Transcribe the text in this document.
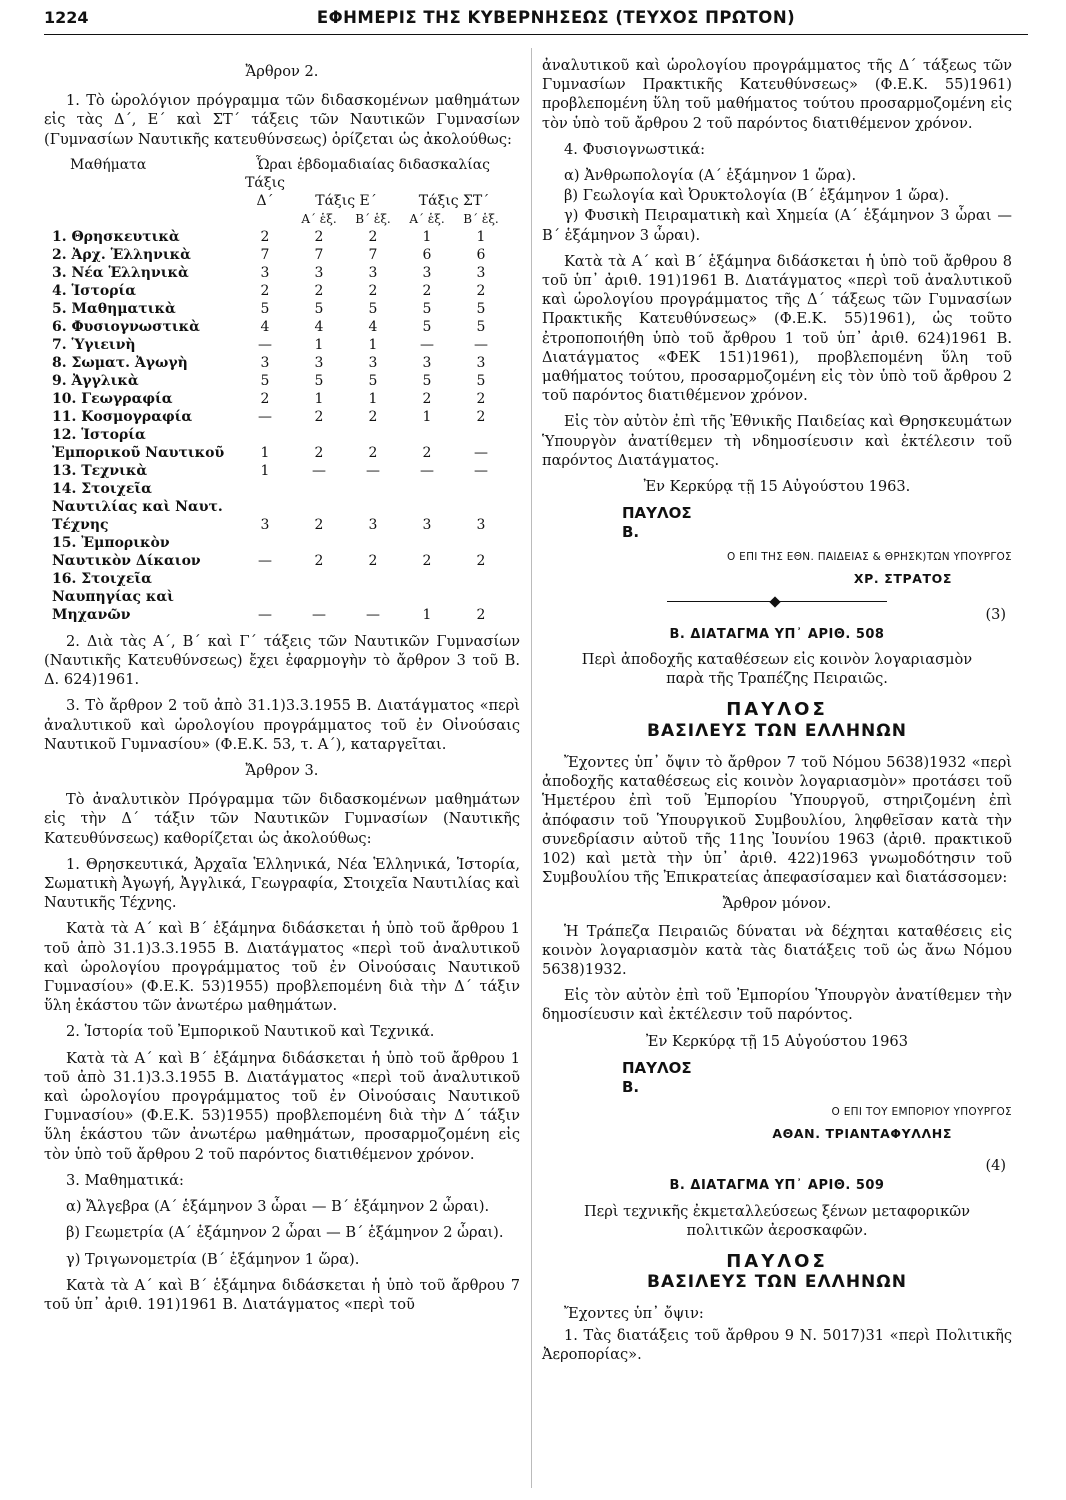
1224	ΕΦΗΜΕΡΙΣ ΤΗΣ ΚΥΒΕΡΝΗΣΕΩΣ (ΤΕΥΧΟΣ ΠΡΩΤΟΝ)
Ἄρθρον 2.

1. Τὸ ὡρολόγιον πρόγραμμα τῶν διδασκομένων μαθημάτων εἰς τὰς Δ΄, Ε΄ καὶ ΣΤ΄ τάξεις τῶν Ναυτικῶν Γυμνασίων (Γυμνασίων Ναυτικῆς κατευθύνσεως) ὁρίζεται ὡς ἀκολούθως:

Μαθήματα	Ὧραι ἑβδομαδιαίας διδασκαλίας				
	Τάξις Δ΄	Τάξις Ε΄		Τάξις ΣΤ΄	
		Α΄ ἑξ.	Β΄ ἑξ.	Α΄ ἑξ.	Β΄ ἑξ.
1. Θρησκευτικὰ	2	2	2	1	1
2. Ἀρχ. Ἑλληνικὰ	7	7	7	6	6
3. Νέα Ἑλληνικὰ	3	3	3	3	3
4. Ἱστορία	2	2	2	2	2
5. Μαθηματικὰ	5	5	5	5	5
6. Φυσιογνωστικὰ	4	4	4	5	5
7. Ὑγιεινὴ	—	1	1	—	—
8. Σωματ. Ἀγωγὴ	3	3	3	3	3
9. Ἀγγλικὰ	5	5	5	5	5
10. Γεωγραφία	2	1	1	2	2
11. Κοσμογραφία	—	2	2	1	2
12. Ἱστορία Ἐμπορικοῦ Ναυτικοῦ	1	2	2	2	—
13. Τεχνικὰ	1	—	—	—	—
14. Στοιχεῖα Ναυτιλίας καὶ Ναυτ. Τέχνης	3	2	3	3	3
15. Ἐμπορικὸν Ναυτικὸν Δίκαιον	—	2	2	2	2
16. Στοιχεῖα Ναυπηγίας καὶ Μηχανῶν	—	—	—	1	2

2. Διὰ τὰς Α΄, Β΄ καὶ Γ΄ τάξεις τῶν Ναυτικῶν Γυμνασίων (Ναυτικῆς Κατευθύνσεως) ἔχει ἐφαρμογὴν τὸ ἄρθρον 3 τοῦ Β. Δ. 624)1961.

3. Τὸ ἄρθρον 2 τοῦ ἀπὸ 31.1)3.3.1955 Β. Διατάγματος «περὶ ἀναλυτικοῦ καὶ ὡρολογίου προγράμματος τοῦ ἐν Οἰνούσαις Ναυτικοῦ Γυμνασίου» (Φ.Ε.Κ. 53, τ. Α΄), καταργεῖται.

Ἄρθρον 3.

Τὸ ἀναλυτικὸν Πρόγραμμα τῶν διδασκομένων μαθημάτων εἰς τὴν Δ΄ τάξιν τῶν Ναυτικῶν Γυμνασίων (Ναυτικῆς Κατευθύνσεως) καθορίζεται ὡς ἀκολούθως:

1. Θρησκευτικά, Ἀρχαῖα Ἑλληνικά, Νέα Ἑλληνικά, Ἱστορία, Σωματικὴ Ἀγωγή, Ἀγγλικά, Γεωγραφία, Στοιχεῖα Ναυτιλίας καὶ Ναυτικῆς Τέχνης.

Κατὰ τὰ Α΄ καὶ Β΄ ἑξάμηνα διδάσκεται ἡ ὑπὸ τοῦ ἄρθρου 1 τοῦ ἀπὸ 31.1)3.3.1955 Β. Διατάγματος «περὶ τοῦ ἀναλυτικοῦ καὶ ὡρολογίου προγράμματος τοῦ ἐν Οἰνούσαις Ναυτικοῦ Γυμνασίου» (Φ.Ε.Κ. 53)1955) προβλεπομένη διὰ τὴν Δ΄ τάξιν ὕλη ἑκάστου τῶν ἀνωτέρω μαθημάτων.

2. Ἱστορία τοῦ Ἐμπορικοῦ Ναυτικοῦ καὶ Τεχνικά.

Κατὰ τὰ Α΄ καὶ Β΄ ἑξάμηνα διδάσκεται ἡ ὑπὸ τοῦ ἄρθρου 1 τοῦ ἀπὸ 31.1)3.3.1955 Β. Διατάγματος «περὶ τοῦ ἀναλυτικοῦ καὶ ὡρολογίου προγράμματος τοῦ ἐν Οἰνούσαις Ναυτικοῦ Γυμνασίου» (Φ.Ε.Κ. 53)1955) προβλεπομένη διὰ τὴν Δ΄ τάξιν ὕλη ἑκάστου τῶν ἀνωτέρω μαθημάτων, προσαρμοζομένη εἰς τὸν ὑπὸ τοῦ ἄρθρου 2 τοῦ παρόντος διατιθέμενον χρόνον.

3. Μαθηματικά:

α) Ἄλγεβρα (Α΄ ἑξάμηνον 3 ὧραι — Β΄ ἑξάμηνον 2 ὧραι).

β) Γεωμετρία (Α΄ ἑξάμηνον 2 ὧραι — Β΄ ἑξάμηνον 2 ὧραι).

γ) Τριγωνομετρία (Β΄ ἑξάμηνον 1 ὥρα).

Κατὰ τὰ Α΄ καὶ Β΄ ἑξάμηνα διδάσκεται ἡ ὑπὸ τοῦ ἄρθρου 7 τοῦ ὑπ᾽ ἀριθ. 191)1961 Β. Διατάγματος «περὶ τοῦ

ἀναλυτικοῦ καὶ ὡρολογίου προγράμματος τῆς Δ΄ τάξεως τῶν Γυμνασίων Πρακτικῆς Κατευθύνσεως» (Φ.Ε.Κ. 55)1961) προβλεπομένη ὕλη τοῦ μαθήματος τούτου προσαρμοζομένη εἰς τὸν ὑπὸ τοῦ ἄρθρου 2 τοῦ παρόντος διατιθέμενον χρόνον.

4. Φυσιογνωστικά:

α) Ἀνθρωπολογία (Α΄ ἑξάμηνον 1 ὥρα).

β) Γεωλογία καὶ Ὀρυκτολογία (Β΄ ἑξάμηνον 1 ὥρα).

γ) Φυσικὴ Πειραματικὴ καὶ Χημεία (Α΄ ἑξάμηνον 3 ὧραι — Β΄ ἑξάμηνον 3 ὧραι).

Κατὰ τὰ Α΄ καὶ Β΄ ἑξάμηνα διδάσκεται ἡ ὑπὸ τοῦ ἄρθρου 8 τοῦ ὑπ᾽ ἀριθ. 191)1961 Β. Διατάγματος «περὶ τοῦ ἀναλυτικοῦ καὶ ὡρολογίου προγράμματος τῆς Δ΄ τάξεως τῶν Γυμνασίων Πρακτικῆς Κατευθύνσεως» (Φ.Ε.Κ. 55)1961), ὡς τοῦτο ἐτροποποιήθη ὑπὸ τοῦ ἄρθρου 1 τοῦ ὑπ᾽ ἀριθ. 624)1961 Β. Διατάγματος «ΦΕΚ 151)1961), προβλεπομένη ὕλη τοῦ μαθήματος τούτου, προσαρμοζομένη εἰς τὸν ὑπὸ τοῦ ἄρθρου 2 τοῦ παρόντος διατιθέμενον χρόνον.

Εἰς τὸν αὐτὸν ἐπὶ τῆς Ἐθνικῆς Παιδείας καὶ Θρησκευμάτων Ὑπουργὸν ἀνατίθεμεν τὴ νδημοσίευσιν καὶ ἐκτέλεσιν τοῦ παρόντος Διατάγματος.

Ἐν Κερκύρᾳ τῇ 15 Αὐγούστου 1963.
ΠΑΥΛΟΣ
Β.
Ο ΕΠΙ ΤΗΣ ΕΘΝ. ΠΑΙΔΕΙΑΣ & ΘΡΗΣΚ)ΤΩΝ ΥΠΟΥΡΓΟΣ
ΧΡ. ΣΤΡΑΤΟΣ
(3)
Β. ΔΙΑΤΑΓΜΑ ΥΠ᾽ ΑΡΙΘ. 508
Περὶ ἀποδοχῆς καταθέσεων εἰς κοινὸν λογαριασμὸν παρὰ τῆς Τραπέζης Πειραιῶς.
ΠΑΥΛΟΣ
ΒΑΣΙΛΕΥΣ ΤΩΝ ΕΛΛΗΝΩΝ

Ἔχοντες ὑπ᾽ ὄψιν τὸ ἄρθρον 7 τοῦ Νόμου 5638)1932 «περὶ ἀποδοχῆς καταθέσεως εἰς κοινὸν λογαριασμὸν» προτάσει τοῦ Ἡμετέρου ἐπὶ τοῦ Ἐμπορίου Ὑπουργοῦ, στηριζομένη ἐπὶ ἀπόφασιν τοῦ Ὑπουργικοῦ Συμβουλίου, ληφθεῖσαν κατὰ τὴν συνεδρίασιν αὐτοῦ τῆς 11ης Ἰουνίου 1963 (ἀριθ. πρακτικοῦ 102) καὶ μετὰ τὴν ὑπ᾽ ἀριθ. 422)1963 γνωμοδότησιν τοῦ Συμβουλίου τῆς Ἐπικρατείας ἀπεφασίσαμεν καὶ διατάσσομεν:

Ἄρθρον μόνον.

Ἡ Τράπεζα Πειραιῶς δύναται νὰ δέχηται καταθέσεις εἰς κοινὸν λογαριασμὸν κατὰ τὰς διατάξεις τοῦ ὡς ἄνω Νόμου 5638)1932.

Εἰς τὸν αὐτὸν ἐπὶ τοῦ Ἐμπορίου Ὑπουργὸν ἀνατίθεμεν τὴν δημοσίευσιν καὶ ἐκτέλεσιν τοῦ παρόντος.

Ἐν Κερκύρᾳ τῇ 15 Αὐγούστου 1963
ΠΑΥΛΟΣ
Β.
Ο ΕΠΙ ΤΟΥ ΕΜΠΟΡΙΟΥ ΥΠΟΥΡΓΟΣ
ΑΘΑΝ. ΤΡΙΑΝΤΑΦΥΛΛΗΣ
(4)
Β. ΔΙΑΤΑΓΜΑ ΥΠ᾽ ΑΡΙΘ. 509
Περὶ τεχνικῆς ἐκμεταλλεύσεως ξένων μεταφορικῶν πολιτικῶν ἀεροσκαφῶν.
ΠΑΥΛΟΣ
ΒΑΣΙΛΕΥΣ ΤΩΝ ΕΛΛΗΝΩΝ

Ἔχοντες ὑπ᾽ ὄψιν:

1. Τὰς διατάξεις τοῦ ἄρθρου 9 Ν. 5017)31 «περὶ Πολιτικῆς Ἀεροπορίας».
